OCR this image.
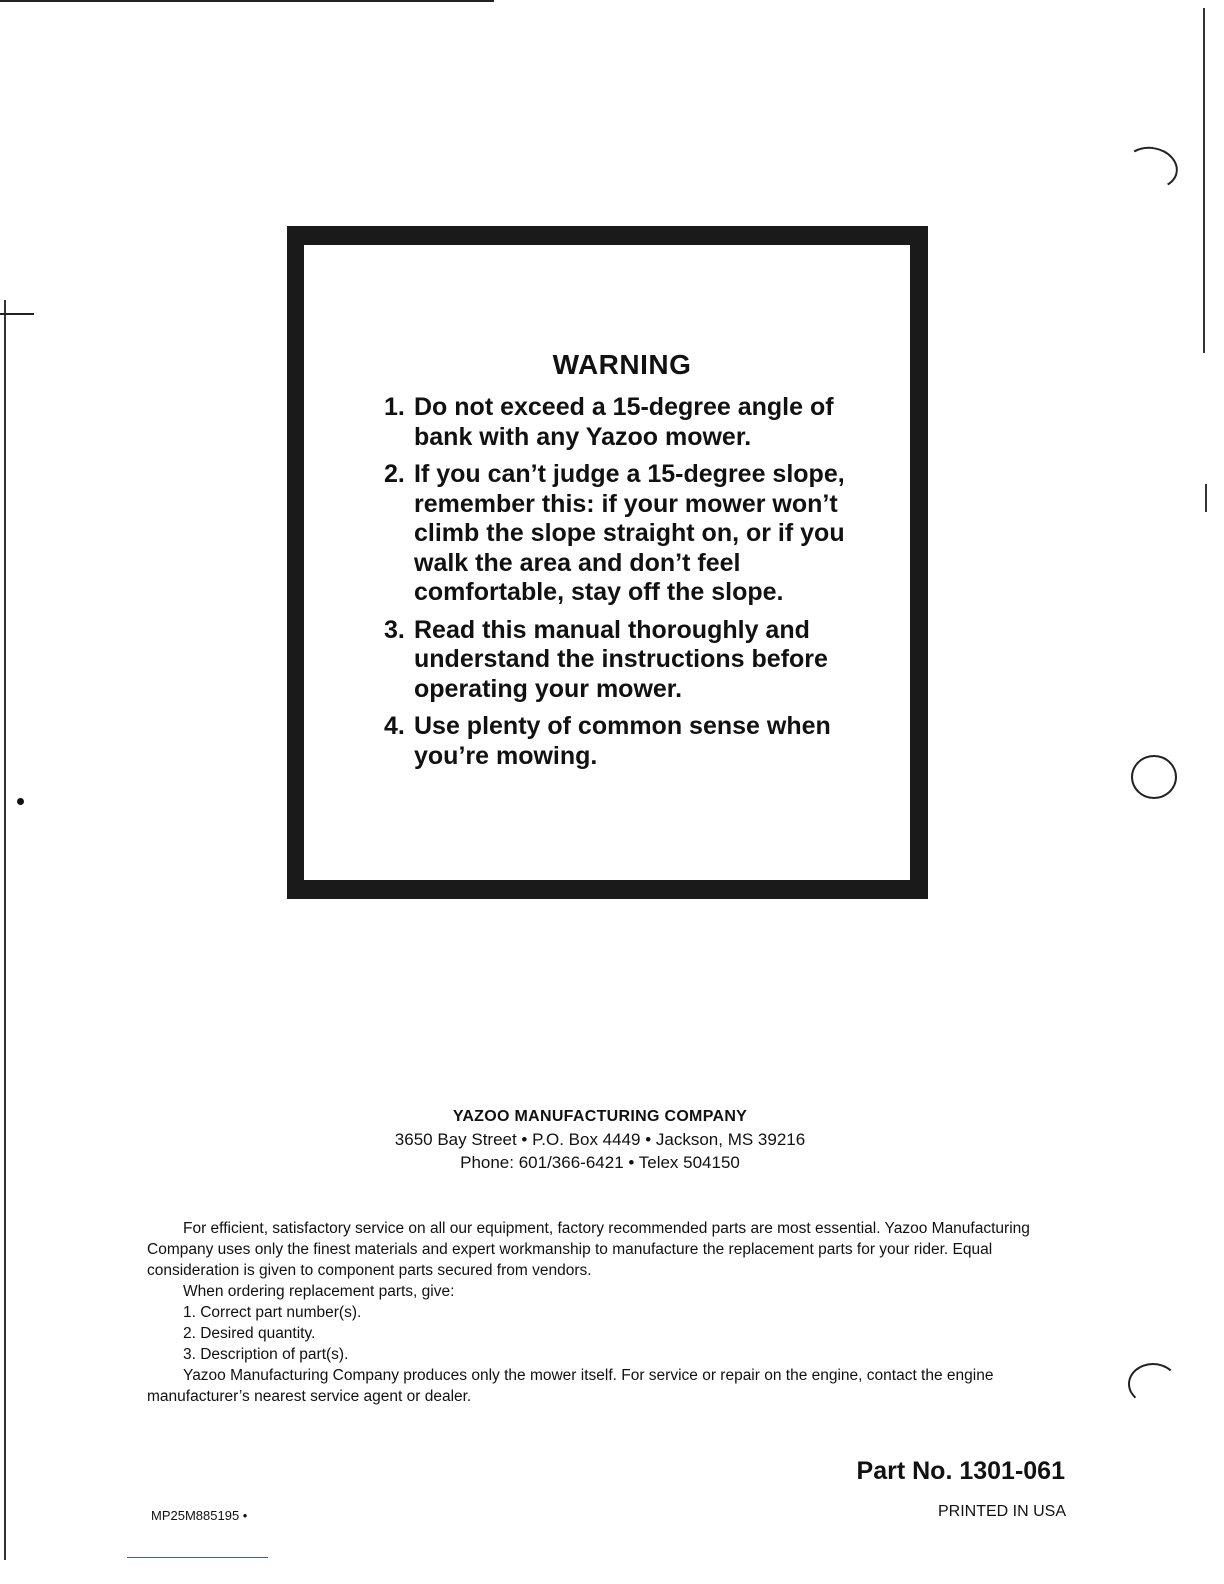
WARNING
1. Do not exceed a 15-degree angle of bank with any Yazoo mower.
2. If you can’t judge a 15-degree slope, remember this: if your mower won’t climb the slope straight on, or if you walk the area and don’t feel comfortable, stay off the slope.
3. Read this manual thoroughly and understand the instructions before operating your mower.
4. Use plenty of common sense when you’re mowing.
YAZOO MANUFACTURING COMPANY
3650 Bay Street • P.O. Box 4449 • Jackson, MS 39216
Phone: 601/366-6421 • Telex 504150

For efficient, satisfactory service on all our equipment, factory recommended parts are most essential. Yazoo Manufacturing Company uses only the finest materials and expert workmanship to manufacture the replacement parts for your rider. Equal consideration is given to component parts secured from vendors.

When ordering replacement parts, give:

1. Correct part number(s).
2. Desired quantity.
3. Description of part(s).

Yazoo Manufacturing Company produces only the mower itself. For service or repair on the engine, contact the engine manufacturer’s nearest service agent or dealer.

Part No. 1301-061
PRINTED IN USA
MP25M885195 •
